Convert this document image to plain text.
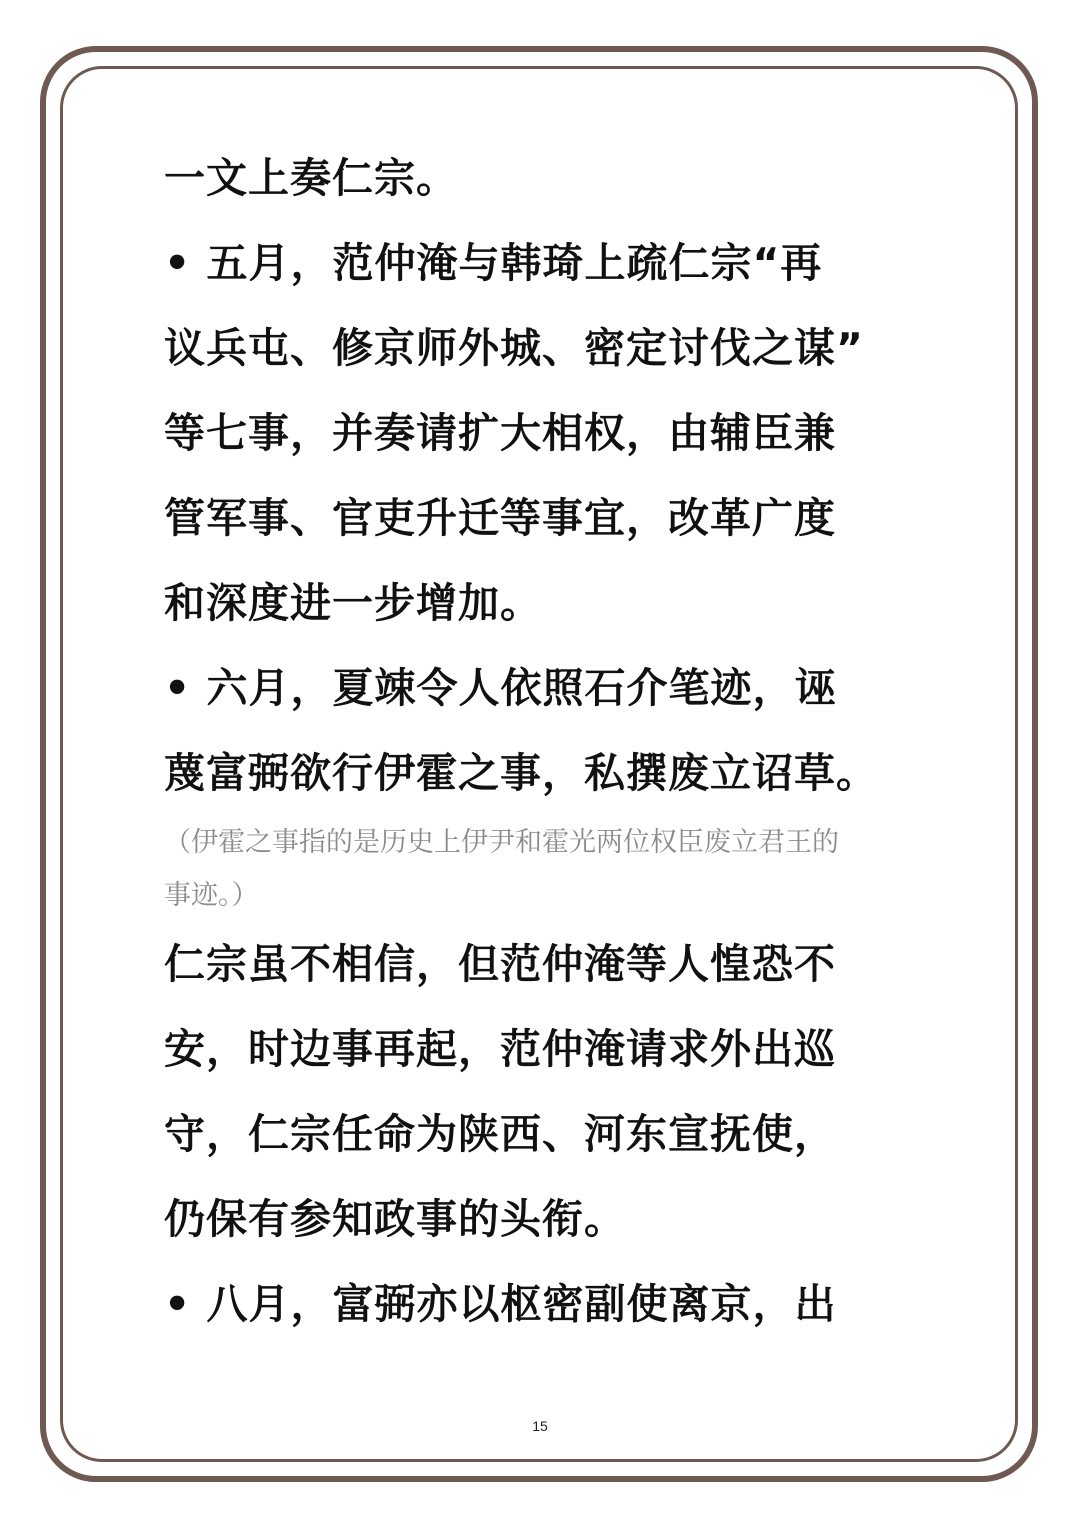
一文上奏仁宗。
• 五月，范仲淹与韩琦上疏仁宗“再
议兵屯、修京师外城、密定讨伐之谋”
等七事，并奏请扩大相权，由辅臣兼
管军事、官吏升迁等事宜，改革广度
和深度进一步增加。
• 六月，夏竦令人依照石介笔迹，诬
蔑富弼欲行伊霍之事，私撰废立诏草。
（伊霍之事指的是历史上伊尹和霍光两位权臣废立君王的
事迹。）
仁宗虽不相信，但范仲淹等人惶恐不
安，时边事再起，范仲淹请求外出巡
守，仁宗任命为陕西、河东宣抚使，
仍保有参知政事的头衔。
• 八月，富弼亦以枢密副使离京，出
15
